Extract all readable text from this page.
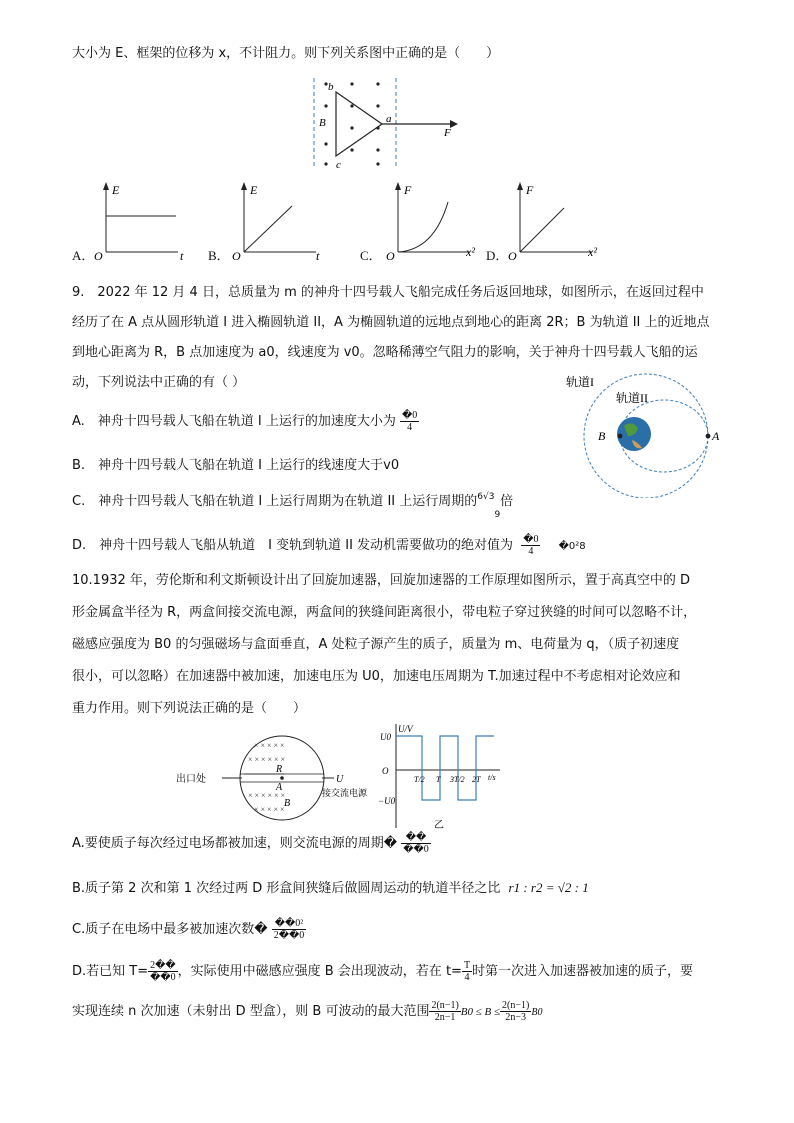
大小为 E、框架的位移为 x，不计阻力。则下列关系图中正确的是（　　）
b
a
c
B
F
A．
E
O	t B．
E
O	t	C．
F
O	x² D．
F
O	x²
9.　2022 年 12 月 4 日，总质量为 m 的神舟十四号载人飞船完成任务后返回地球，如图所示，在返回过程中
经历了在 A 点从圆形轨道 I 进入椭圆轨道 II，A 为椭圆轨道的远地点到地心的距离 2R；B 为轨道 II 上的近地点
到地心距离为 R，B 点加速度为 a0，线速度为 v0。忽略稀薄空气阻力的影响，关于神舟十四号载人飞船的运
动，下列说法中正确的有（ ）	轨道I
轨道II
B	A
A.　神舟十四号载人飞船在轨道 I 上运行的加速度大小为 $\frac{�0}{4}$
B.　神舟十四号载人飞船在轨道 I 上运行的线速度大于v0
C.　神舟十四号载人飞船在轨道 I 上运行周期为在轨道 II 上运行周期的$^{6√3}_9$倍
D.　神舟十四号载人飞船从轨道　I 变轨到轨道 II 发动机需要做功的绝对值为 $\frac{�0}{4}$ �0²8
10.1932 年，劳伦斯和利文斯顿设计出了回旋加速器，回旋加速器的工作原理如图所示，置于高真空中的 D
形金属盒半径为 R，两盒间接交流电源，两盒间的狭缝间距离很小，带电粒子穿过狭缝的时间可以忽略不计，
磁感应强度为 B0 的匀强磁场与盒面垂直，A 处粒子源产生的质子，质量为 m、电荷量为 q，（质子初速度
很小，可以忽略）在加速器中被加速，加速电压为 U0，加速电压周期为 T.加速过程中不考虑相对论效应和
重力作用。则下列说法正确的是（　　）
× × × × ×
× × × × × ×
× × × × × ×
× × × × ×
出口处
R
A
B
U
接交流电源
U/V
U0
O
−U0
T/2 T 3T/2 2T t/s
乙
A.要使质子每次经过电场都被加速，则交流电源的周期� $\frac{��}{��0}$
B.质子第 2 次和第 1 次经过两 D 形盒间狭缝后做圆周运动的轨道半径之比 r1 : r2 = √2 : 1
C.质子在电场中最多被加速次数� $\frac{\text{��0²}}{2��0}$
D.若已知 $T= \frac{2��}{��0}$ ，实际使用中磁感应强度 B 会出现波动，若在 $t= \frac{T}{4}$ 时第一次进入加速器被加速的质子，要
实现连续 n 次加速（未射出 D 型盒），则 B 可波动的最大范围 $\frac{2(n-1)}{2n-1} B0 \le B \le \frac{2(n-1)}{2n-3} B0$
